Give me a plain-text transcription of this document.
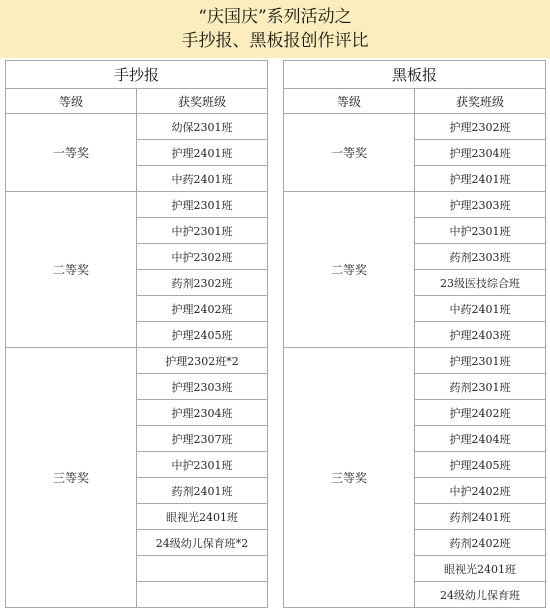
“庆国庆”系列活动之
手抄报、黑板报创作评比
手抄报	
等级	获奖班级
一等奖	幼保2301班
	护理2401班
	中药2401班
二等奖	护理2301班
	中护2301班
	中护2302班
	药剂2302班
	护理2402班
	护理2405班
三等奖	护理2302班*2
	护理2303班
	护理2304班
	护理2307班
	中护2301班
	药剂2401班
	眼视光2401班
	24级幼儿保育班*2

黑板报	
等级	获奖班级
一等奖	护理2302班
	护理2304班
	护理2401班
二等奖	护理2303班
	中护2301班
	药剂2303班
	23级医技综合班
	中药2401班
	护理2403班
三等奖	护理2301班
	药剂2301班
	护理2402班
	护理2404班
	护理2405班
	中护2402班
	药剂2401班
	药剂2402班
	眼视光2401班
	24级幼儿保育班
